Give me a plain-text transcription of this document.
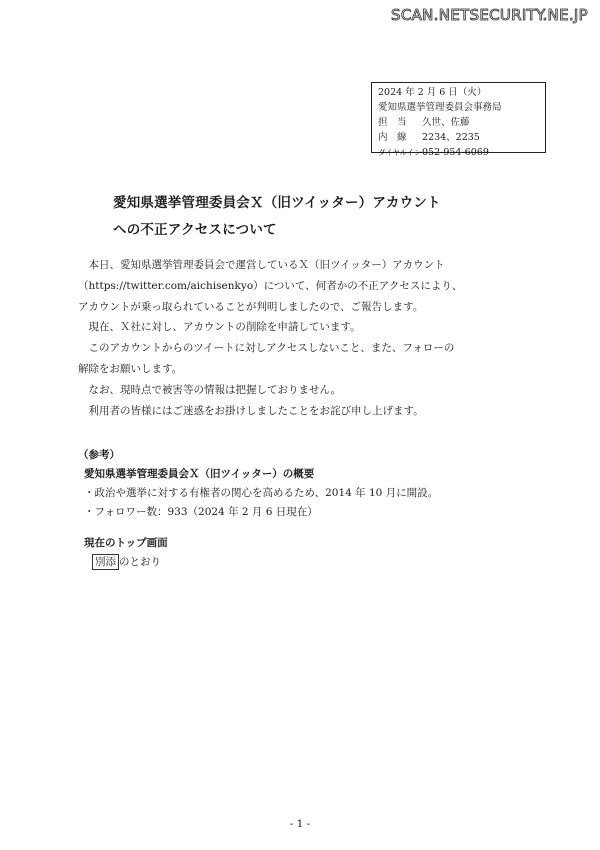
SCAN.NETSECURITY.NE.JP
2024 年 2 月 6 日（火）
愛知県選挙管理委員会事務局
担　当 久世、佐藤
内　線 2234、2235
ダイヤルイン052-954-6069
愛知県選挙管理委員会Ｘ（旧ツイッター）アカウント
への不正アクセスについて
　本日、愛知県選挙管理委員会で運営しているＸ（旧ツイッター）アカウント
（https://twitter.com/aichisenkyo）について、何者かの不正アクセスにより、
アカウントが乗っ取られていることが判明しましたので、ご報告します。
　現在、Ｘ社に対し、アカウントの削除を申請しています。
　このアカウントからのツイートに対しアクセスしないこと、また、フォローの
解除をお願いします。
　なお、現時点で被害等の情報は把握しておりません。
　利用者の皆様にはご迷惑をお掛けしましたことをお詫び申し上げます。
（参考）
愛知県選挙管理委員会Ｘ（旧ツイッター）の概要
・政治や選挙に対する有権者の関心を高めるため、2014 年 10 月に開設。
・フォロワー数：933（2024 年 2 月 6 日現在）
現在のトップ画面
別添 のとおり
- 1 -
